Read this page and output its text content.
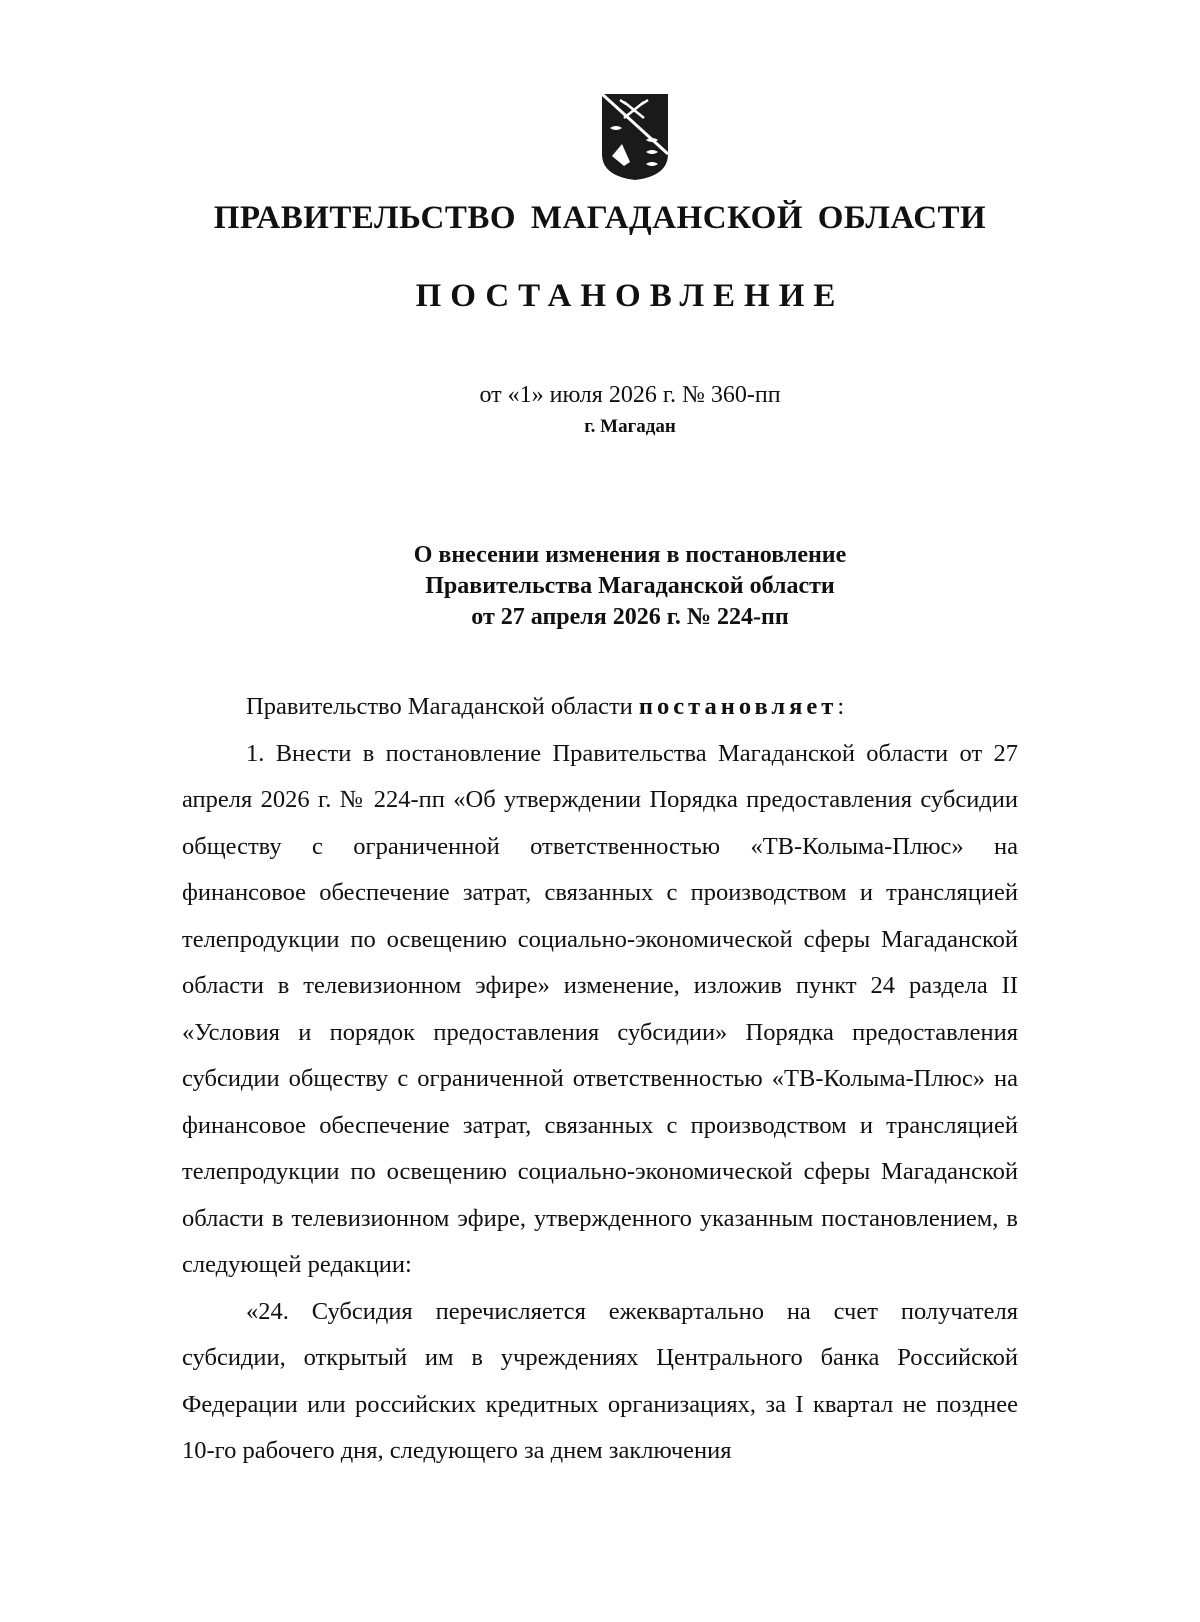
ПРАВИТЕЛЬСТВО МАГАДАНСКОЙ ОБЛАСТИ
ПОСТАНОВЛЕНИЕ
от «1» июля 2026 г. № 360-пп
г. Магадан
О внесении изменения в постановление
Правительства Магаданской области
от 27 апреля 2026 г. № 224-пп

Правительство Магаданской области постановляет:

1. Внести в постановление Правительства Магаданской области от 27 апреля 2026 г. № 224-пп «Об утверждении Порядка предоставления субсидии обществу с ограниченной ответственностью «ТВ-Колыма-Плюс» на финансовое обеспечение затрат, связанных с производством и трансляцией телепродукции по освещению социально-экономической сферы Магаданской области в телевизионном эфире» изменение, изложив пункт 24 раздела II «Условия и порядок предоставления субсидии» Порядка предоставления субсидии обществу с ограниченной ответственностью «ТВ-Колыма-Плюс» на финансовое обеспечение затрат, связанных с производством и трансляцией телепродукции по освещению социально-экономической сферы Магаданской области в телевизионном эфире, утвержденного указанным постановлением, в следующей редакции:

«24. Субсидия перечисляется ежеквартально на счет получателя субсидии, открытый им в учреждениях Центрального банка Российской Федерации или российских кредитных организациях, за I квартал не позднее 10-го рабочего дня, следующего за днем заключения
